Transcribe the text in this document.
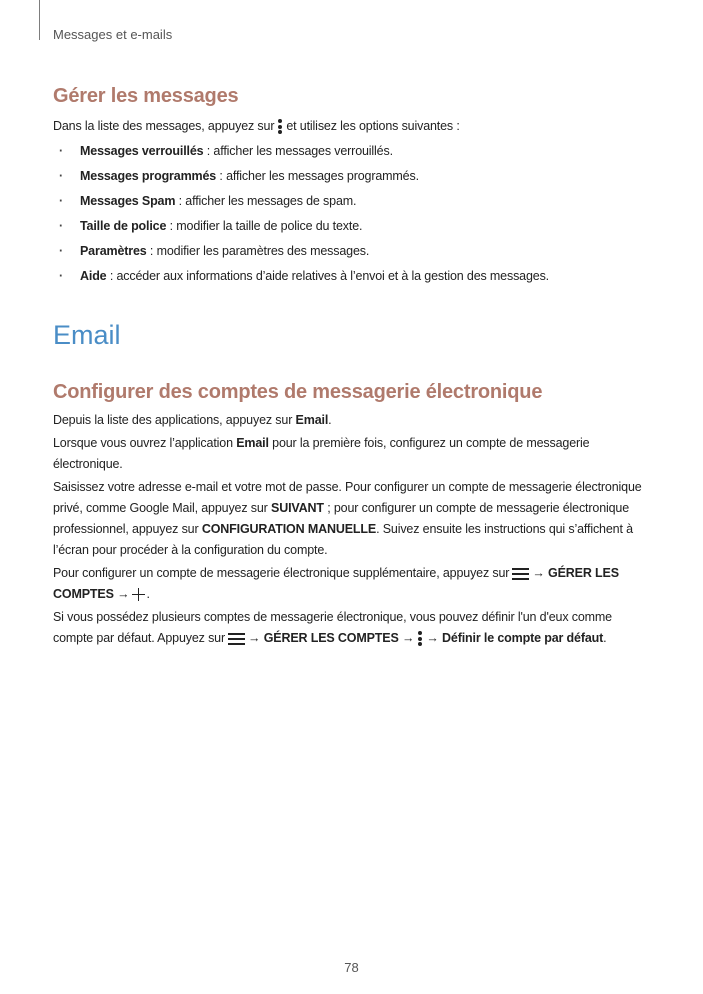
Messages et e-mails
Gérer les messages

Dans la liste des messages, appuyez sur et utilisez les options suivantes :

· Messages verrouillés : afficher les messages verrouillés.
· Messages programmés : afficher les messages programmés.
· Messages Spam : afficher les messages de spam.
· Taille de police : modifier la taille de police du texte.
· Paramètres : modifier les paramètres des messages.
· Aide : accéder aux informations d’aide relatives à l’envoi et à la gestion des messages.
Email
Configurer des comptes de messagerie électronique

Depuis la liste des applications, appuyez sur Email.

Lorsque vous ouvrez l’application Email pour la première fois, configurez un compte de messagerie électronique.

Saisissez votre adresse e-mail et votre mot de passe. Pour configurer un compte de messagerie électronique privé, comme Google Mail, appuyez sur SUIVANT ; pour configurer un compte de messagerie électronique professionnel, appuyez sur CONFIGURATION MANUELLE. Suivez ensuite les instructions qui s’affichent à l’écran pour procéder à la configuration du compte.

Pour configurer un compte de messagerie électronique supplémentaire, appuyez sur → GÉRER LES COMPTES → .

Si vous possédez plusieurs comptes de messagerie électronique, vous pouvez définir l'un d'eux comme compte par défaut. Appuyez sur → GÉRER LES COMPTES → → Définir le compte par défaut.

78
